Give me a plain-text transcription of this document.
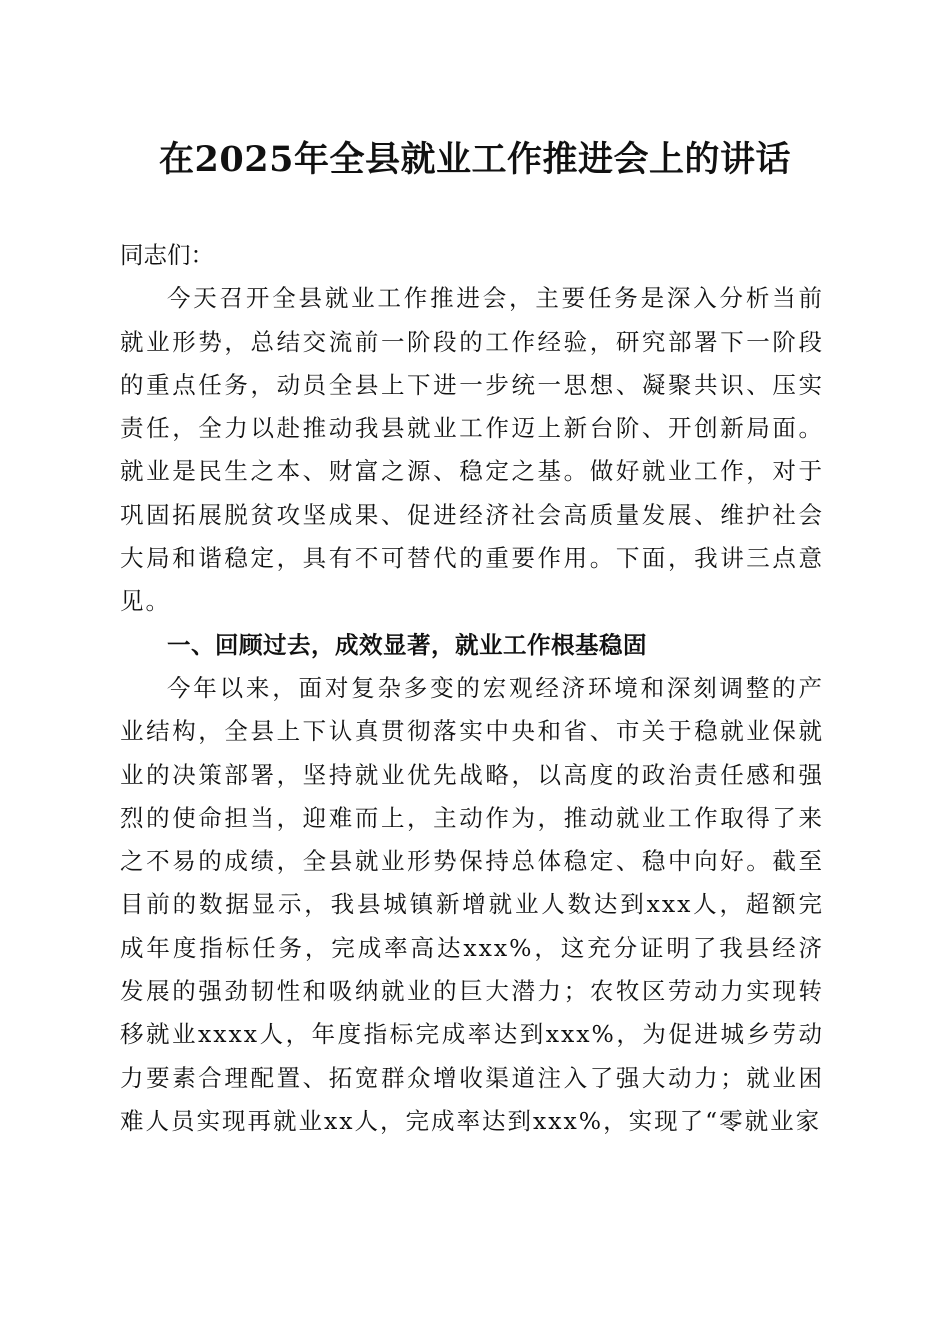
在2025年全县就业工作推进会上的讲话

同志们：

今天召开全县就业工作推进会，主要任务是深入分析当前就业形势，总结交流前一阶段的工作经验，研究部署下一阶段的重点任务，动员全县上下进一步统一思想、凝聚共识、压实责任，全力以赴推动我县就业工作迈上新台阶、开创新局面。就业是民生之本、财富之源、稳定之基。做好就业工作，对于巩固拓展脱贫攻坚成果、促进经济社会高质量发展、维护社会大局和谐稳定，具有不可替代的重要作用。下面，我讲三点意见。

一、回顾过去，成效显著，就业工作根基稳固

今年以来，面对复杂多变的宏观经济环境和深刻调整的产业结构，全县上下认真贯彻落实中央和省、市关于稳就业保就业的决策部署，坚持就业优先战略，以高度的政治责任感和强烈的使命担当，迎难而上，主动作为，推动就业工作取得了来之不易的成绩，全县就业形势保持总体稳定、稳中向好。截至目前的数据显示，我县城镇新增就业人数达到xxx人，超额完成年度指标任务，完成率高达xxx%，这充分证明了我县经济发展的强劲韧性和吸纳就业的巨大潜力；农牧区劳动力实现转移就业xxxx人，年度指标完成率达到xxx%，为促进城乡劳动力要素合理配置、拓宽群众增收渠道注入了强大动力；就业困难人员实现再就业xx人，完成率达到xxx%，实现了“零就业家
